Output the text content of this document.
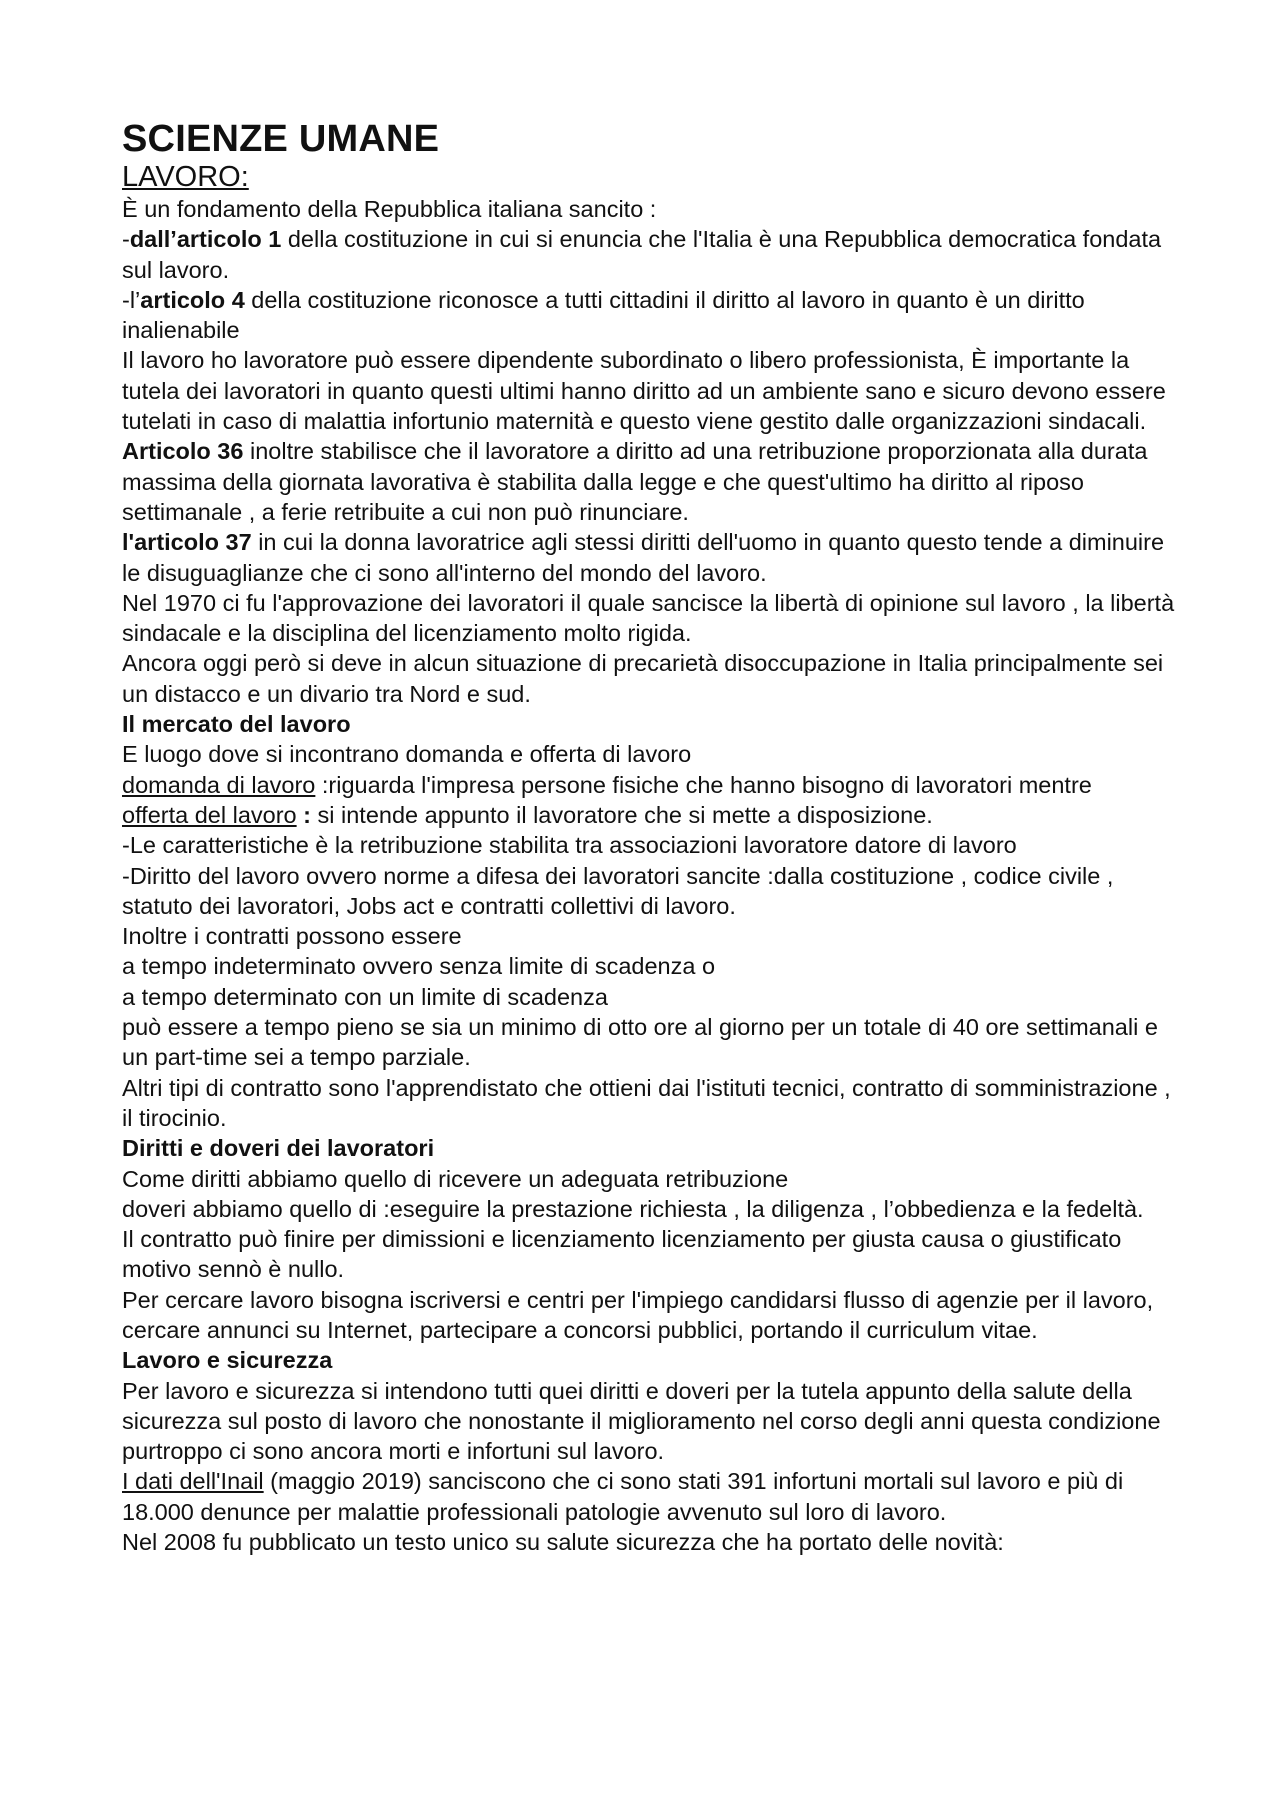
SCIENZE UMANE
LAVORO:

È un fondamento della Repubblica italiana sancito :

-dall’articolo 1 della costituzione in cui si enuncia che l'Italia è una Repubblica democratica fondata sul lavoro.

-l’articolo 4 della costituzione riconosce a tutti cittadini il diritto al lavoro in quanto è un diritto inalienabile

Il lavoro ho lavoratore può essere dipendente subordinato o libero professionista, È importante la tutela dei lavoratori in quanto questi ultimi hanno diritto ad un ambiente sano e sicuro devono essere tutelati in caso di malattia infortunio maternità e questo viene gestito dalle organizzazioni sindacali.

Articolo 36 inoltre stabilisce che il lavoratore a diritto ad una retribuzione proporzionata alla durata massima della giornata lavorativa è stabilita dalla legge e che quest'ultimo ha diritto al riposo settimanale , a ferie retribuite a cui non può rinunciare.

l'articolo 37 in cui la donna lavoratrice agli stessi diritti dell'uomo in quanto questo tende a diminuire le disuguaglianze che ci sono all'interno del mondo del lavoro.

Nel 1970 ci fu l'approvazione dei lavoratori il quale sancisce la libertà di opinione sul lavoro , la libertà sindacale e la disciplina del licenziamento molto rigida.

Ancora oggi però si deve in alcun situazione di precarietà disoccupazione in Italia principalmente sei un distacco e un divario tra Nord e sud.

Il mercato del lavoro

E luogo dove si incontrano domanda e offerta di lavoro

domanda di lavoro :riguarda l'impresa persone fisiche che hanno bisogno di lavoratori mentre

offerta del lavoro : si intende appunto il lavoratore che si mette a disposizione.

-Le caratteristiche è la retribuzione stabilita tra associazioni lavoratore datore di lavoro

-Diritto del lavoro ovvero norme a difesa dei lavoratori sancite :dalla costituzione , codice civile , statuto dei lavoratori, Jobs act e contratti collettivi di lavoro.

Inoltre i contratti possono essere

a tempo indeterminato ovvero senza limite di scadenza o

a tempo determinato con un limite di scadenza

può essere a tempo pieno se sia un minimo di otto ore al giorno per un totale di 40 ore settimanali e un part-time sei a tempo parziale.

Altri tipi di contratto sono l'apprendistato che ottieni dai l'istituti tecnici, contratto di somministrazione , il tirocinio.

Diritti e doveri dei lavoratori

Come diritti abbiamo quello di ricevere un adeguata retribuzione

doveri abbiamo quello di :eseguire la prestazione richiesta , la diligenza , l’obbedienza e la fedeltà.

Il contratto può finire per dimissioni e licenziamento licenziamento per giusta causa o giustificato motivo sennò è nullo.

Per cercare lavoro bisogna iscriversi e centri per l'impiego candidarsi flusso di agenzie per il lavoro, cercare annunci su Internet, partecipare a concorsi pubblici, portando il curriculum vitae.

Lavoro e sicurezza

Per lavoro e sicurezza si intendono tutti quei diritti e doveri per la tutela appunto della salute della sicurezza sul posto di lavoro che nonostante il miglioramento nel corso degli anni questa condizione purtroppo ci sono ancora morti e infortuni sul lavoro.

I dati dell'Inail (maggio 2019) sanciscono che ci sono stati 391 infortuni mortali sul lavoro e più di 18.000 denunce per malattie professionali patologie avvenuto sul loro di lavoro.

Nel 2008 fu pubblicato un testo unico su salute sicurezza che ha portato delle novità:
